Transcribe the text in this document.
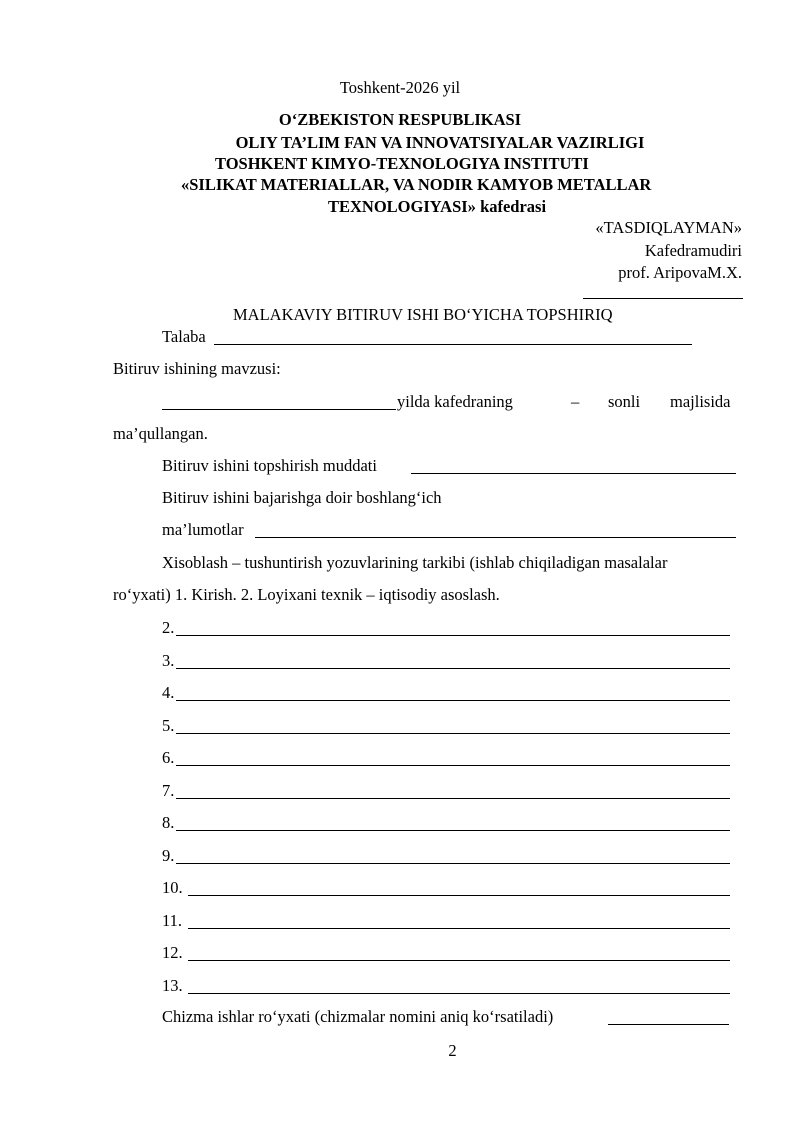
Toshkent-2026 yil
O‘ZBEKISTON RESPUBLIKASI
OLIY TA’LIM FAN VA INNOVATSIYALAR VAZIRLIGI
TOSHKENT KIMYO-TEXNOLOGIYA INSTITUTI
«SILIKAT MATERIALLAR, VA NODIR KAMYOB METALLAR
TEXNOLOGIYASI» kafedrasi
«TASDIQLAYMAN»
Kafedramudiri
prof. AripovaM.X.
MALAKAVIY BITIRUV ISHI BO‘YICHA TOPSHIRIQ
Talaba
Bitiruv ishining mavzusi:
yilda kafedraning	– sonli majlisida
ma’qullangan.
Bitiruv ishini topshirish muddati
Bitiruv ishini bajarishga doir boshlang‘ich
ma’lumotlar
Xisoblash – tushuntirish yozuvlarining tarkibi (ishlab chiqiladigan masalalar
ro‘yxati) 1. Kirish. 2. Loyixani texnik – iqtisodiy asoslash.
2.
3.
4.
5.
6.
7.
8.
9.
10.
11.
12.
13.
Chizma ishlar ro‘yxati (chizmalar nomini aniq ko‘rsatiladi)
2
